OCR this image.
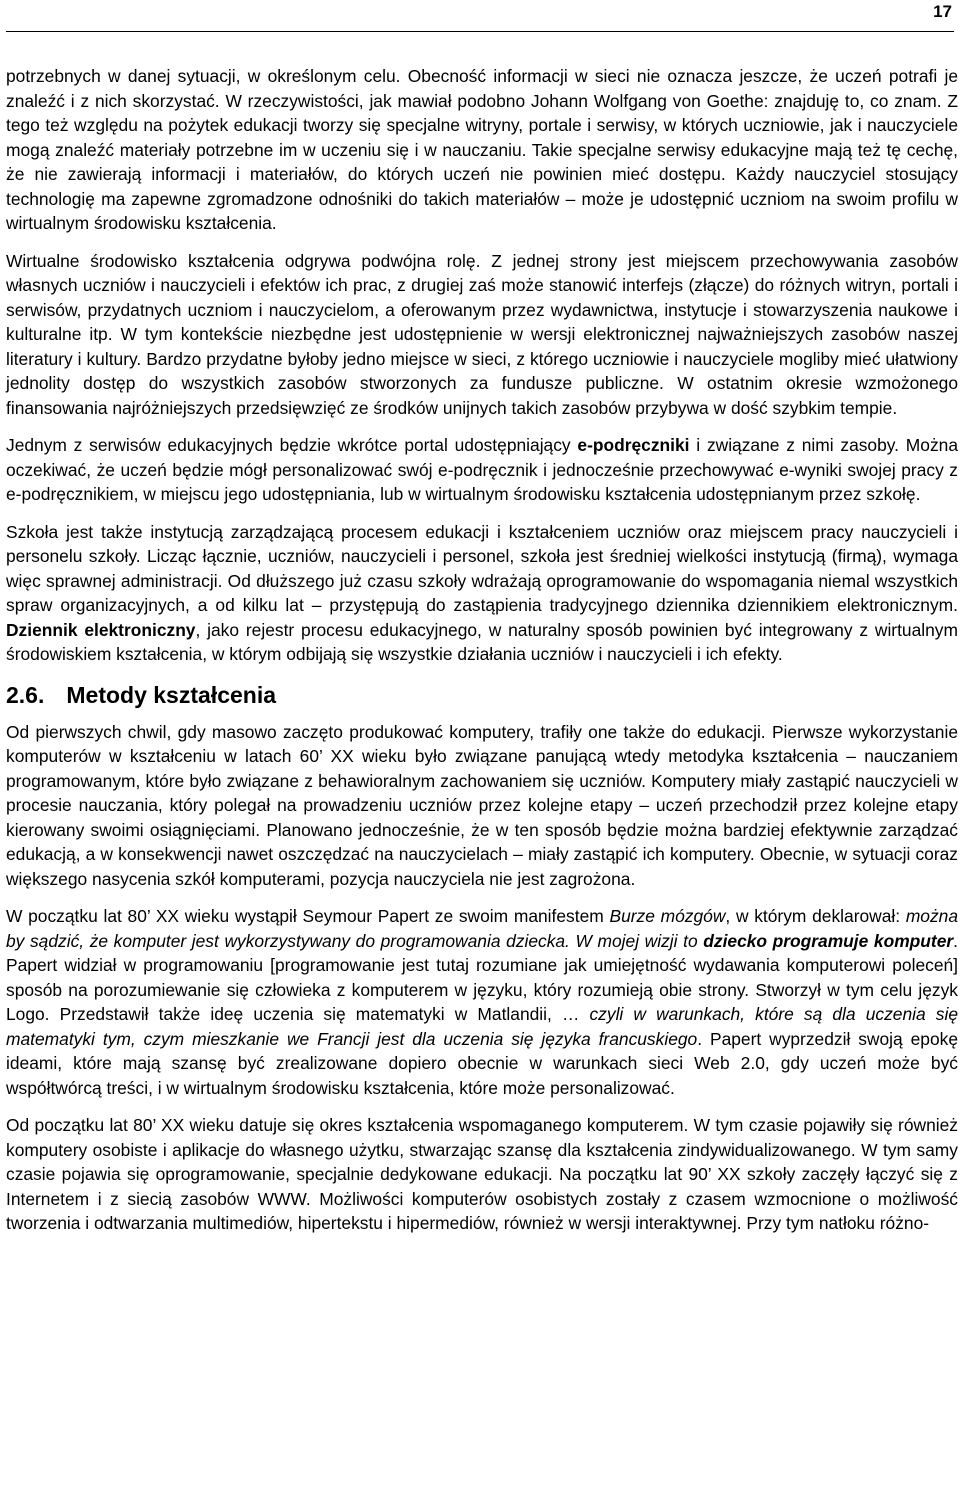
17

potrzebnych w danej sytuacji, w określonym celu. Obecność informacji w sieci nie oznacza jeszcze, że uczeń potrafi je znaleźć i z nich skorzystać. W rzeczywistości, jak mawiał podobno Johann Wolfgang von Goethe: znajduję to, co znam. Z tego też względu na pożytek edukacji tworzy się specjalne witryny, portale i serwisy, w których uczniowie, jak i nauczyciele mogą znaleźć materiały potrzebne im w uczeniu się i w nauczaniu. Takie specjalne serwisy edukacyjne mają też tę cechę, że nie zawierają informacji i materiałów, do których uczeń nie powinien mieć dostępu. Każdy nauczyciel stosujący technologię ma zapewne zgromadzone odnośniki do takich materiałów – może je udostępnić uczniom na swoim profilu w wirtualnym środowisku kształcenia.

Wirtualne środowisko kształcenia odgrywa podwójna rolę. Z jednej strony jest miejscem przechowywania zasobów własnych uczniów i nauczycieli i efektów ich prac, z drugiej zaś może stanowić interfejs (złącze) do różnych witryn, portali i serwisów, przydatnych uczniom i nauczycielom, a oferowanym przez wydawnictwa, instytucje i stowarzyszenia naukowe i kulturalne itp. W tym kontekście niezbędne jest udostępnienie w wersji elektronicznej najważniejszych zasobów naszej literatury i kultury. Bardzo przydatne byłoby jedno miejsce w sieci, z którego uczniowie i nauczyciele mogliby mieć ułatwiony jednolity dostęp do wszystkich zasobów stworzonych za fundusze publiczne. W ostatnim okresie wzmożonego finansowania najróżniejszych przedsięwzięć ze środków unijnych takich zasobów przybywa w dość szybkim tempie.

Jednym z serwisów edukacyjnych będzie wkrótce portal udostępniający e-podręczniki i związane z nimi zasoby. Można oczekiwać, że uczeń będzie mógł personalizować swój e-podręcznik i jednocześnie przechowywać e-wyniki swojej pracy z e-podręcznikiem, w miejscu jego udostępniania, lub w wirtualnym środowisku kształcenia udostępnianym przez szkołę.

Szkoła jest także instytucją zarządzającą procesem edukacji i kształceniem uczniów oraz miejscem pracy nauczycieli i personelu szkoły. Licząc łącznie, uczniów, nauczycieli i personel, szkoła jest średniej wielkości instytucją (firmą), wymaga więc sprawnej administracji. Od dłuższego już czasu szkoły wdrażają oprogramowanie do wspomagania niemal wszystkich spraw organizacyjnych, a od kilku lat – przystępują do zastąpienia tradycyjnego dziennika dziennikiem elektronicznym. Dziennik elektroniczny, jako rejestr procesu edukacyjnego, w naturalny sposób powinien być integrowany z wirtualnym środowiskiem kształcenia, w którym odbijają się wszystkie działania uczniów i nauczycieli i ich efekty.

2.6. Metody kształcenia

Od pierwszych chwil, gdy masowo zaczęto produkować komputery, trafiły one także do edukacji. Pierwsze wykorzystanie komputerów w kształceniu w latach 60’ XX wieku było związane panującą wtedy metodyka kształcenia – nauczaniem programowanym, które było związane z behawioralnym zachowaniem się uczniów. Komputery miały zastąpić nauczycieli w procesie nauczania, który polegał na prowadzeniu uczniów przez kolejne etapy – uczeń przechodził przez kolejne etapy kierowany swoimi osiągnięciami. Planowano jednocześnie, że w ten sposób będzie można bardziej efektywnie zarządzać edukacją, a w konsekwencji nawet oszczędzać na nauczycielach – miały zastąpić ich komputery. Obecnie, w sytuacji coraz większego nasycenia szkół komputerami, pozycja nauczyciela nie jest zagrożona.

W początku lat 80’ XX wieku wystąpił Seymour Papert ze swoim manifestem Burze mózgów, w którym deklarował: można by sądzić, że komputer jest wykorzystywany do programowania dziecka. W mojej wizji to dziecko programuje komputer. Papert widział w programowaniu [programowanie jest tutaj rozumiane jak umiejętność wydawania komputerowi poleceń] sposób na porozumiewanie się człowieka z komputerem w języku, który rozumieją obie strony. Stworzył w tym celu język Logo. Przedstawił także ideę uczenia się matematyki w Matlandii, … czyli w warunkach, które są dla uczenia się matematyki tym, czym mieszkanie we Francji jest dla uczenia się języka francuskiego. Papert wyprzedził swoją epokę ideami, które mają szansę być zrealizowane dopiero obecnie w warunkach sieci Web 2.0, gdy uczeń może być współtwórcą treści, i w wirtualnym środowisku kształcenia, które może personalizować.

Od początku lat 80’ XX wieku datuje się okres kształcenia wspomaganego komputerem. W tym czasie pojawiły się również komputery osobiste i aplikacje do własnego użytku, stwarzając szansę dla kształcenia zindywidualizowanego. W tym samy czasie pojawia się oprogramowanie, specjalnie dedykowane edukacji. Na początku lat 90’ XX szkoły zaczęły łączyć się z Internetem i z siecią zasobów WWW. Możliwości komputerów osobistych zostały z czasem wzmocnione o możliwość tworzenia i odtwarzania multimediów, hipertekstu i hipermediów, również w wersji interaktywnej. Przy tym natłoku różno-
